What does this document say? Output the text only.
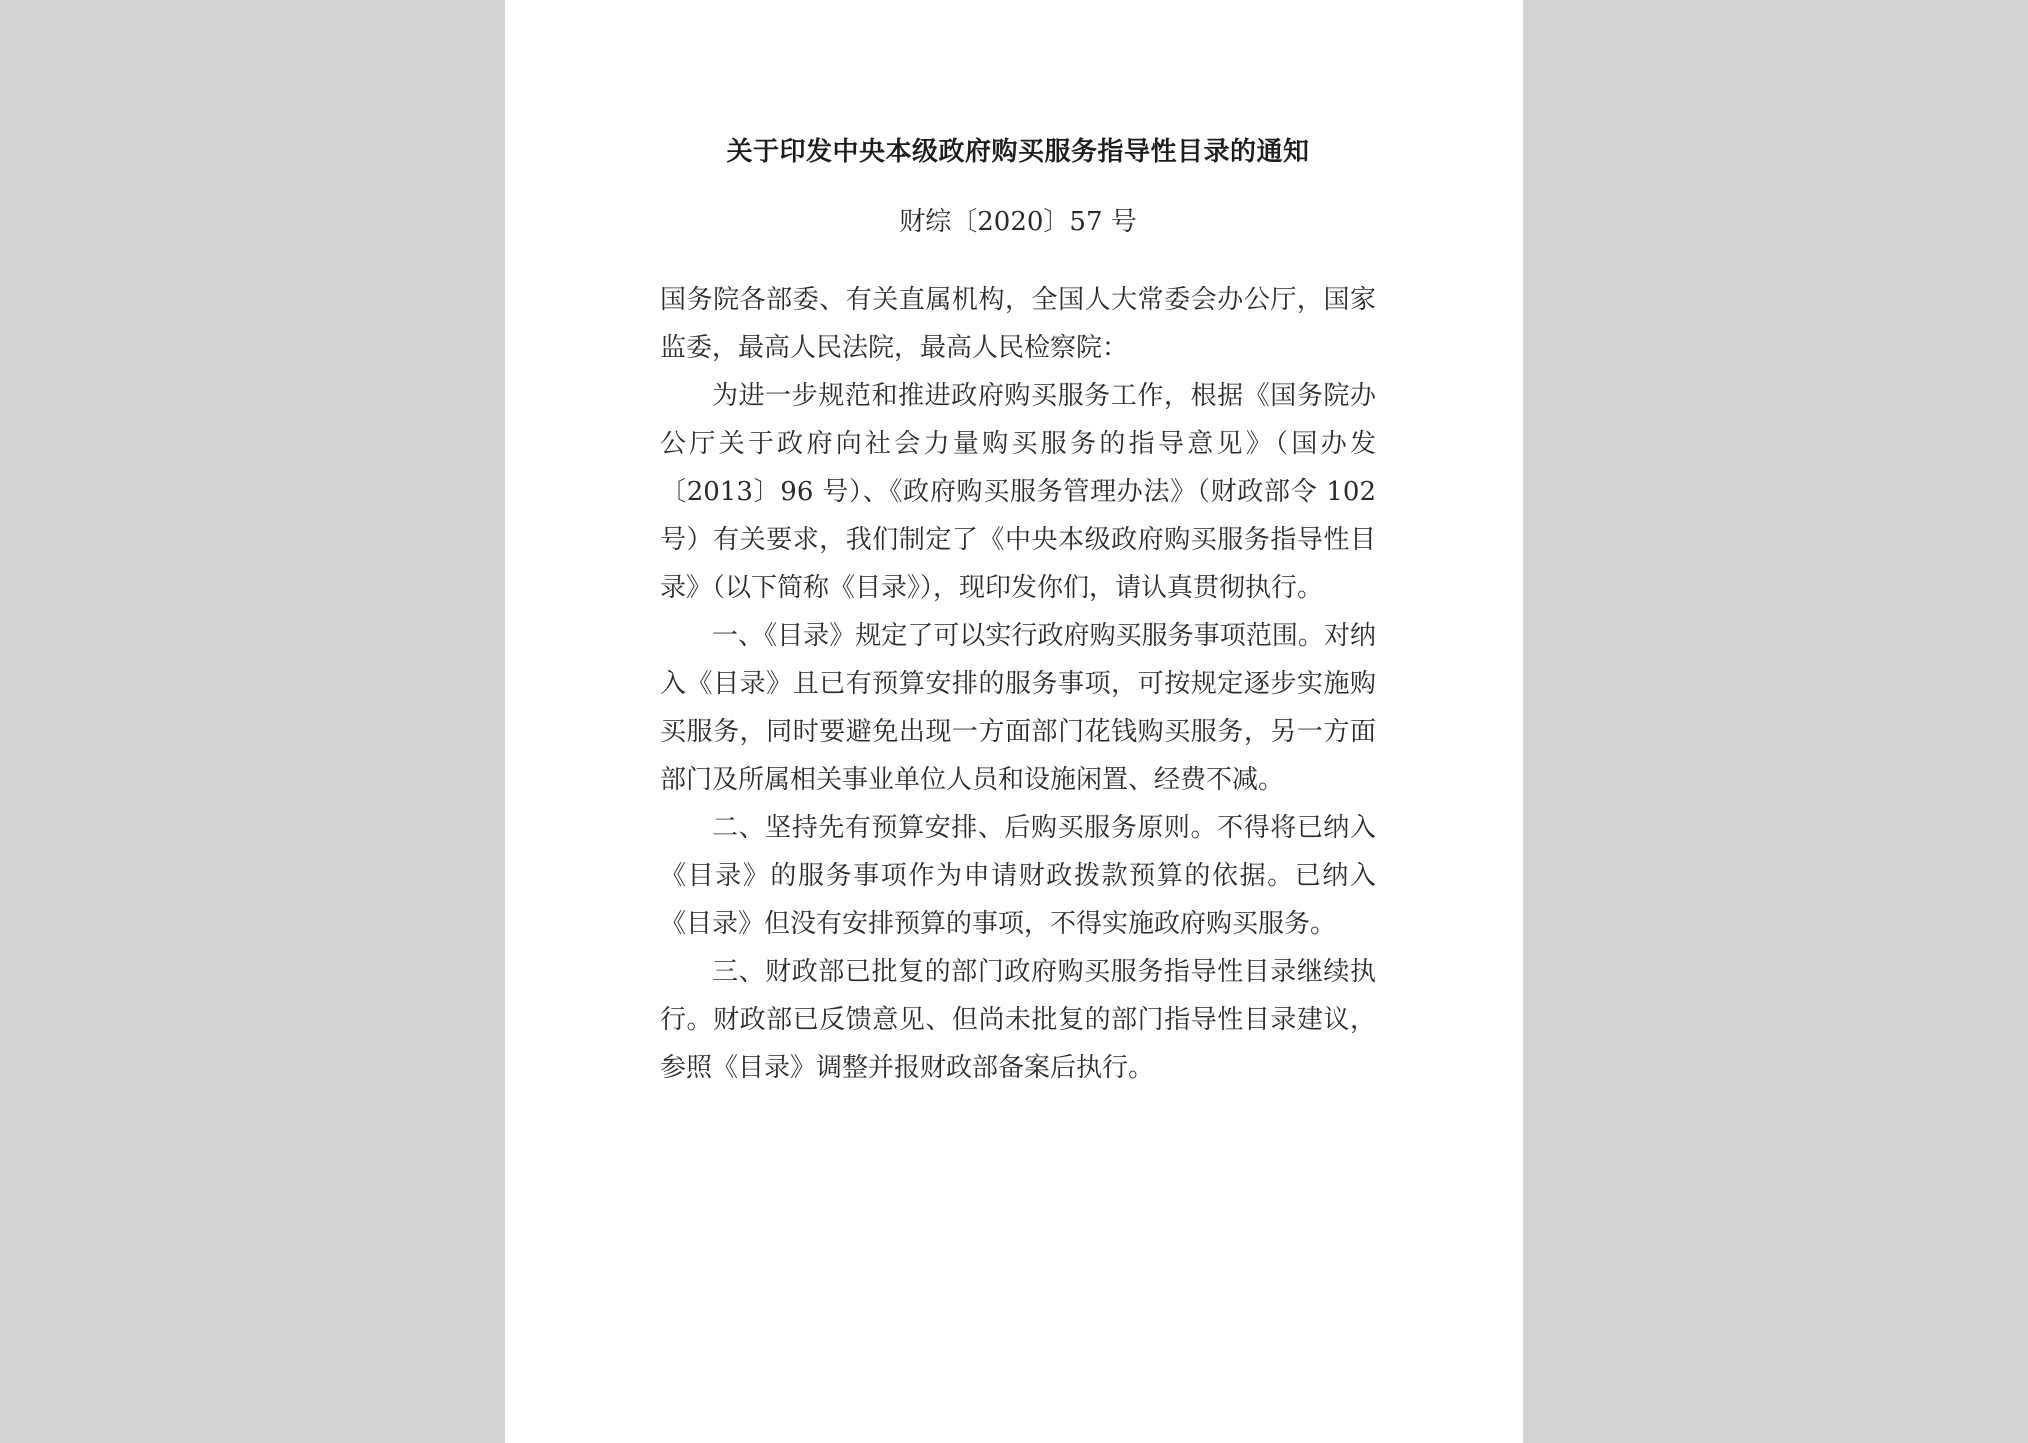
关于印发中央本级政府购买服务指导性目录的通知
财综〔2020〕57 号

国务院各部委、有关直属机构，全国人大常委会办公厅，国家监委，最高人民法院，最高人民检察院：

为进一步规范和推进政府购买服务工作，根据《国务院办公厅关于政府向社会力量购买服务的指导意见》（国办发〔2013〕96 号）、《政府购买服务管理办法》（财政部令 102 号）有关要求，我们制定了《中央本级政府购买服务指导性目录》（以下简称《目录》），现印发你们，请认真贯彻执行。

一、《目录》规定了可以实行政府购买服务事项范围。对纳入《目录》且已有预算安排的服务事项，可按规定逐步实施购买服务，同时要避免出现一方面部门花钱购买服务，另一方面部门及所属相关事业单位人员和设施闲置、经费不减。

二、坚持先有预算安排、后购买服务原则。不得将已纳入《目录》的服务事项作为申请财政拨款预算的依据。已纳入《目录》但没有安排预算的事项，不得实施政府购买服务。

三、财政部已批复的部门政府购买服务指导性目录继续执行。财政部已反馈意见、但尚未批复的部门指导性目录建议，参照《目录》调整并报财政部备案后执行。
